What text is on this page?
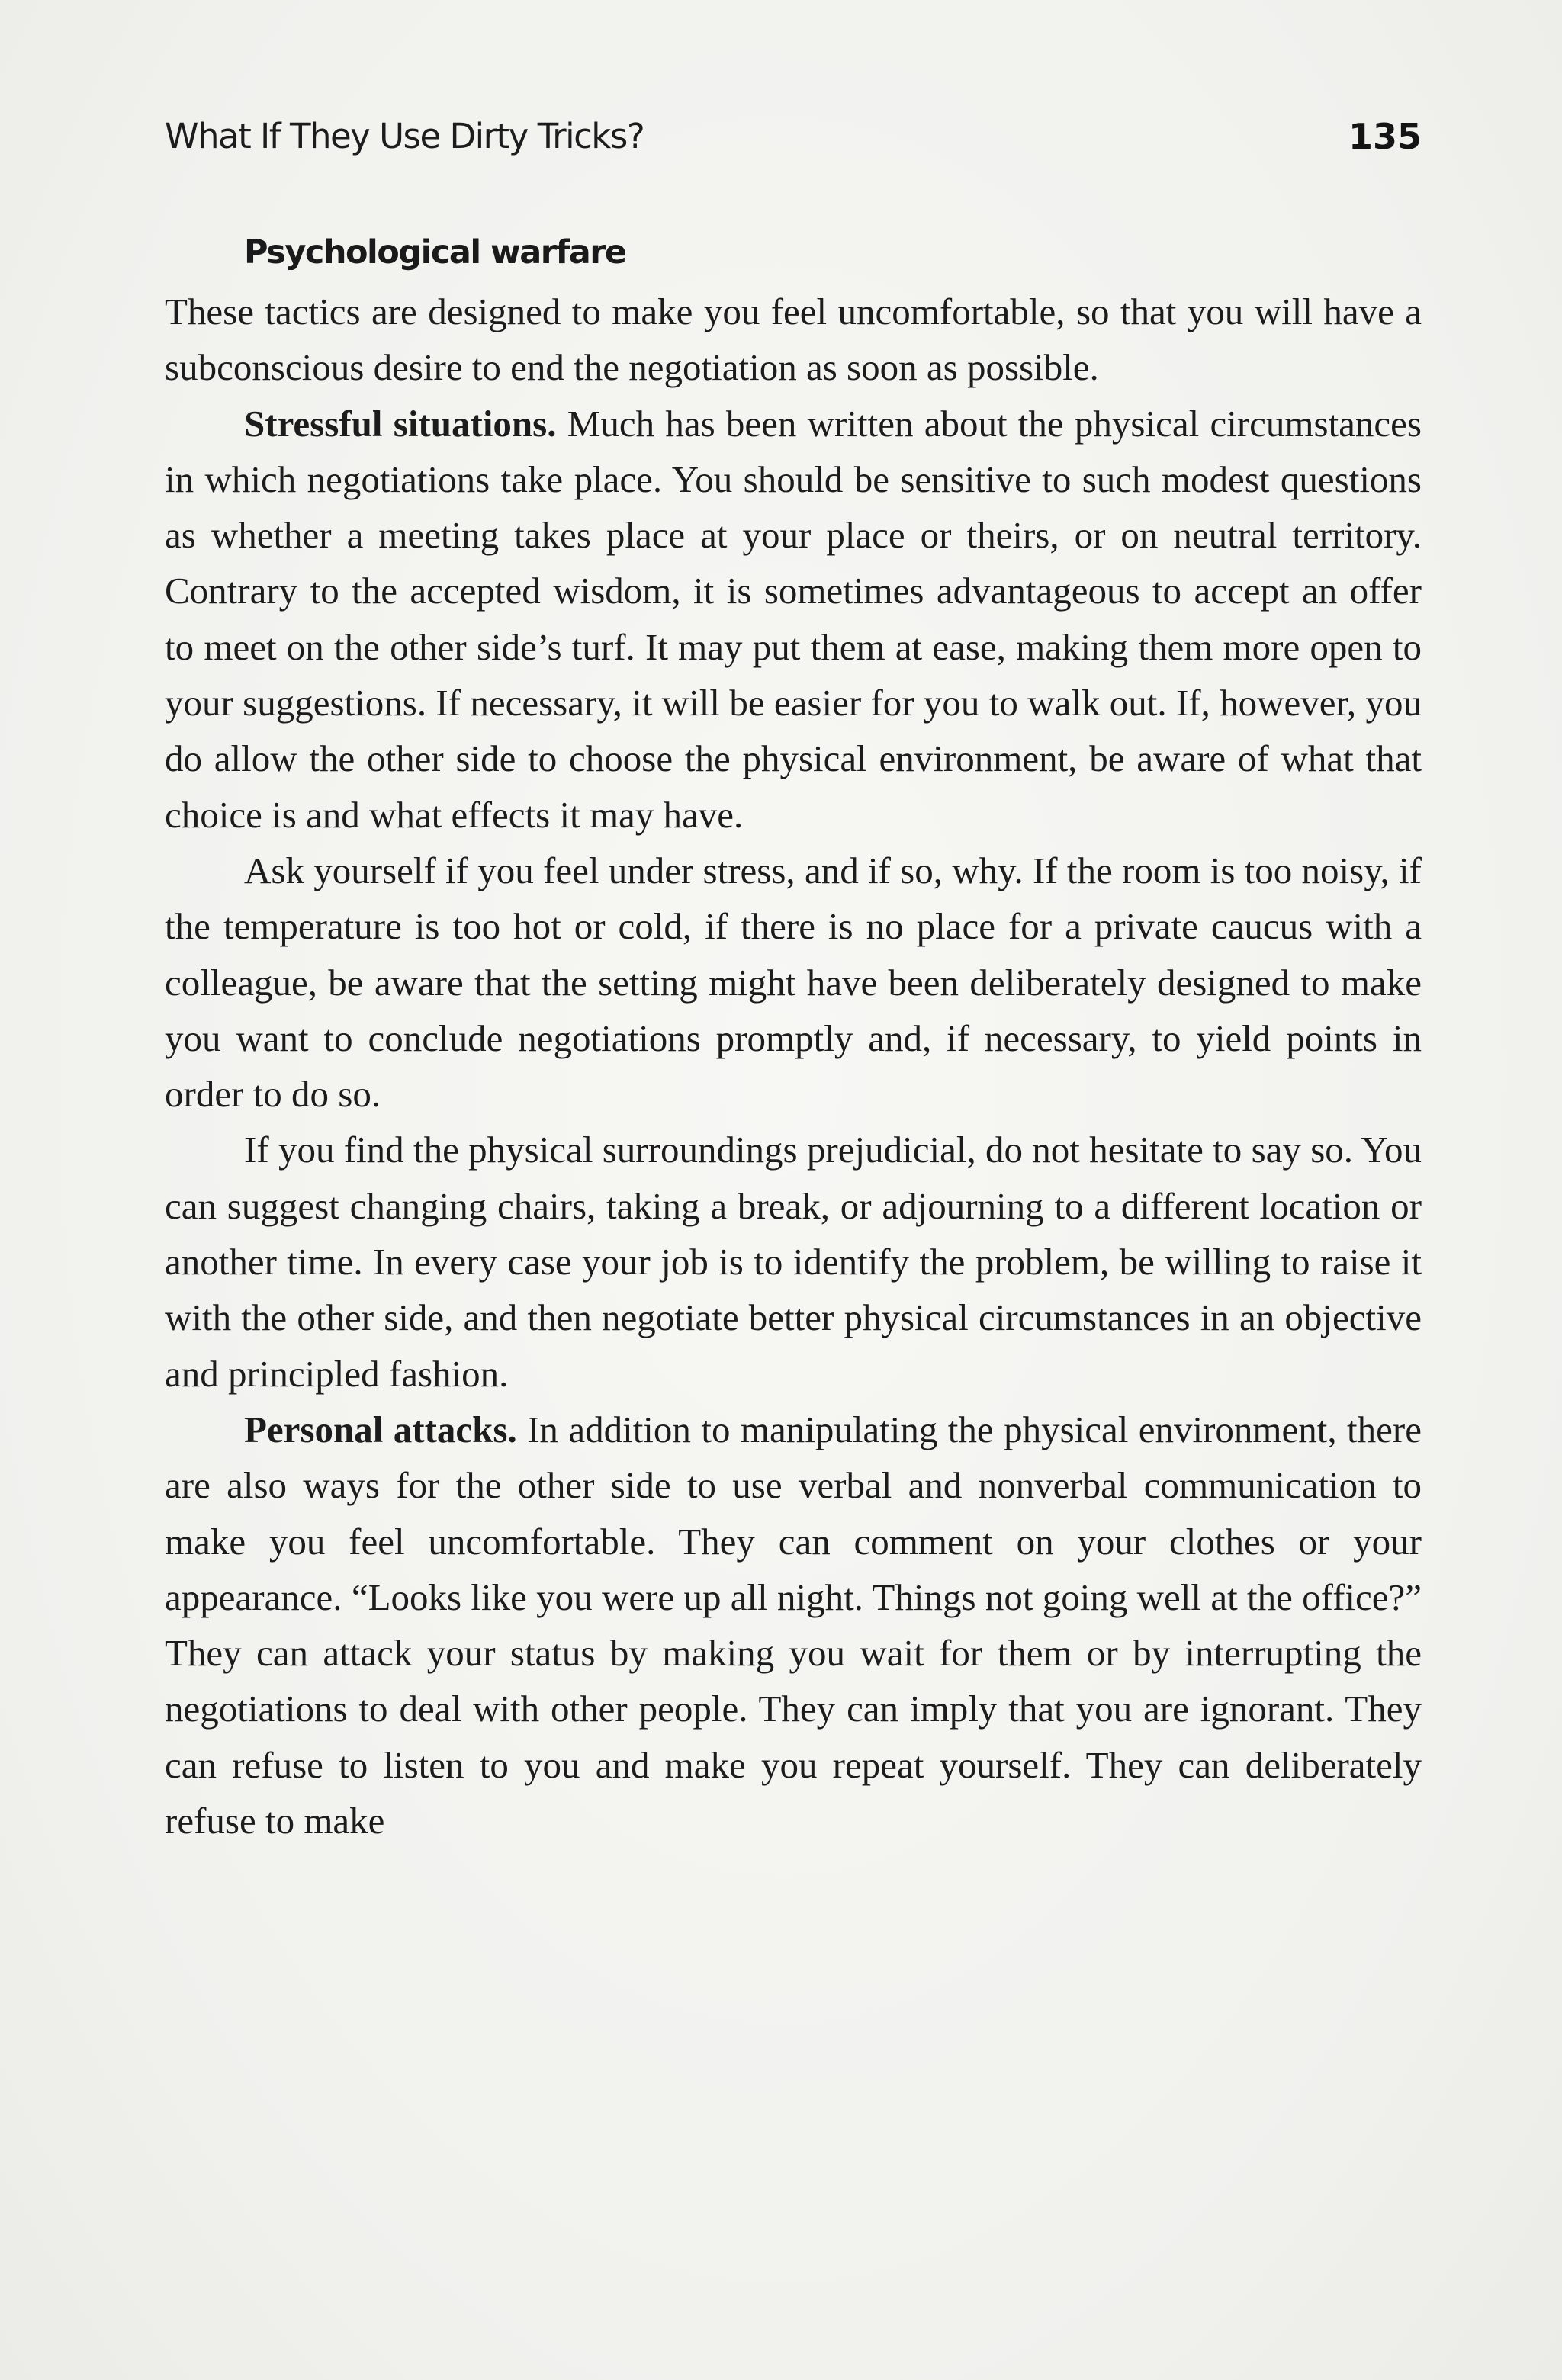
What If They Use Dirty Tricks?	135
Psychological warfare

These tactics are designed to make you feel uncomfortable, so that you will have a subconscious desire to end the negotiation as soon as possible.

Stressful situations. Much has been written about the physical circumstances in which negotiations take place. You should be sensitive to such modest questions as whether a meeting takes place at your place or theirs, or on neutral territory. Contrary to the accepted wisdom, it is sometimes advantageous to accept an offer to meet on the other side’s turf. It may put them at ease, making them more open to your suggestions. If necessary, it will be easier for you to walk out. If, however, you do allow the other side to choose the physical environment, be aware of what that choice is and what effects it may have.

Ask yourself if you feel under stress, and if so, why. If the room is too noisy, if the temperature is too hot or cold, if there is no place for a private caucus with a colleague, be aware that the setting might have been deliberately designed to make you want to conclude negotiations promptly and, if necessary, to yield points in order to do so.

If you find the physical surroundings prejudicial, do not hesitate to say so. You can suggest changing chairs, taking a break, or adjourning to a different location or another time. In every case your job is to identify the problem, be willing to raise it with the other side, and then negotiate better physical circumstances in an objective and principled fashion.

Personal attacks. In addition to manipulating the physical environment, there are also ways for the other side to use verbal and nonverbal communication to make you feel uncomfortable. They can comment on your clothes or your appearance. “Looks like you were up all night. Things not going well at the office?” They can attack your status by making you wait for them or by interrupting the negotiations to deal with other people. They can imply that you are ignorant. They can refuse to listen to you and make you repeat yourself. They can deliberately refuse to make
